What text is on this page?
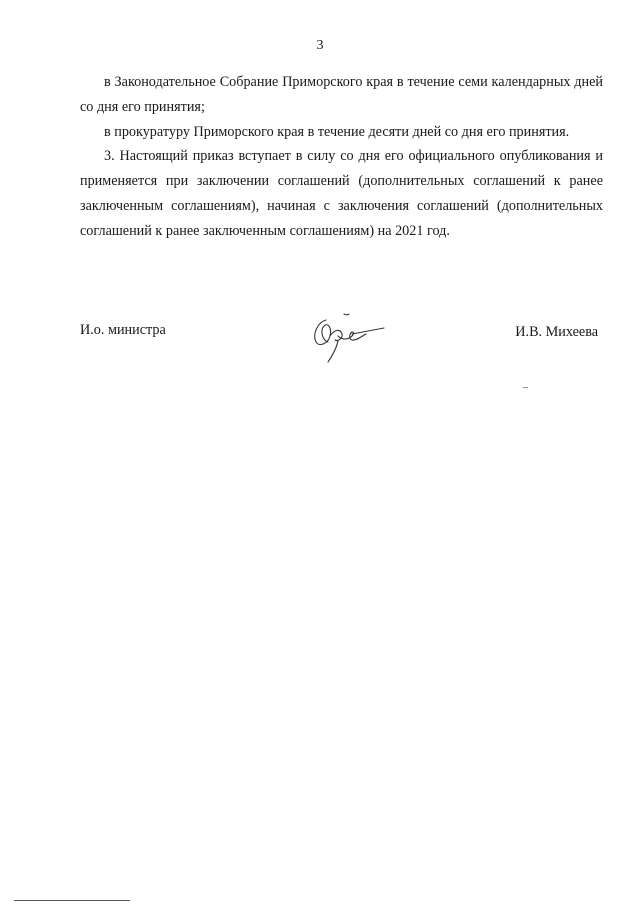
3

в Законодательное Собрание Приморского края в течение семи календарных дней со дня его принятия;

в прокуратуру Приморского края в течение десяти дней со дня его принятия.

3. Настоящий приказ вступает в силу со дня его официального опубликования и применяется при заключении соглашений (дополнительных соглашений к ранее заключенным соглашениям), начиная с заключения соглашений (дополнительных соглашений к ранее заключенным соглашениям) на 2021 год.

И.о. министра	И.В. Михеева
